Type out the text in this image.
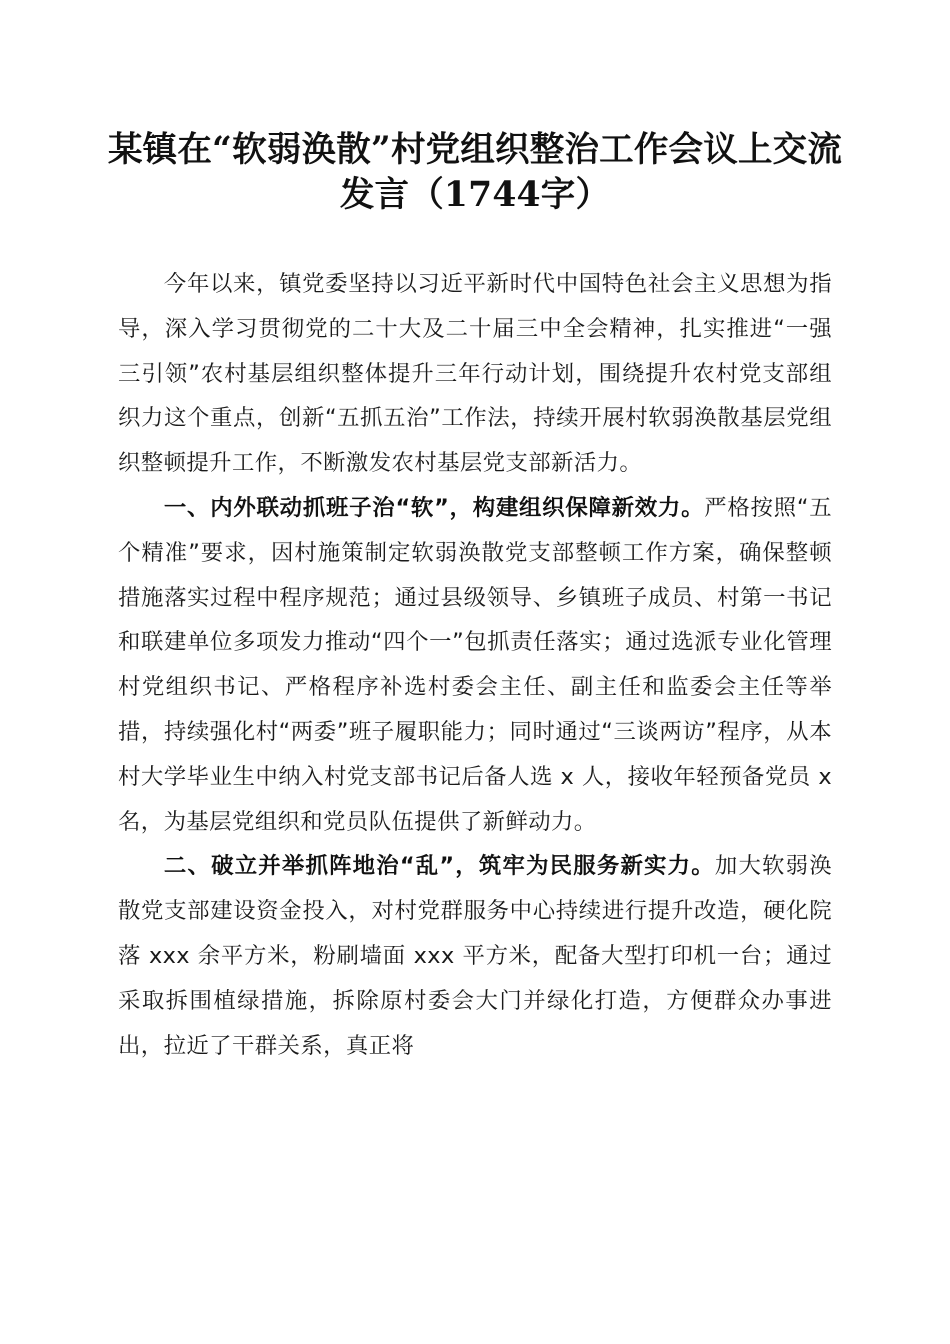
某镇在“软弱涣散”村党组织整治工作会议上交流发言（1744字）

今年以来，镇党委坚持以习近平新时代中国特色社会主义思想为指导，深入学习贯彻党的二十大及二十届三中全会精神，扎实推进“一强三引领”农村基层组织整体提升三年行动计划，围绕提升农村党支部组织力这个重点，创新“五抓五治”工作法，持续开展村软弱涣散基层党组织整顿提升工作，不断激发农村基层党支部新活力。

一、内外联动抓班子治“软”，构建组织保障新效力。严格按照“五个精准”要求，因村施策制定软弱涣散党支部整顿工作方案，确保整顿措施落实过程中程序规范；通过县级领导、乡镇班子成员、村第一书记和联建单位多项发力推动“四个一”包抓责任落实；通过选派专业化管理村党组织书记、严格程序补选村委会主任、副主任和监委会主任等举措，持续强化村“两委”班子履职能力；同时通过“三谈两访”程序，从本村大学毕业生中纳入村党支部书记后备人选 x 人，接收年轻预备党员 x 名，为基层党组织和党员队伍提供了新鲜动力。

二、破立并举抓阵地治“乱”，筑牢为民服务新实力。加大软弱涣散党支部建设资金投入，对村党群服务中心持续进行提升改造，硬化院落 xxx 余平方米，粉刷墙面 xxx 平方米，配备大型打印机一台；通过采取拆围植绿措施，拆除原村委会大门并绿化打造，方便群众办事进出，拉近了干群关系，真正将
